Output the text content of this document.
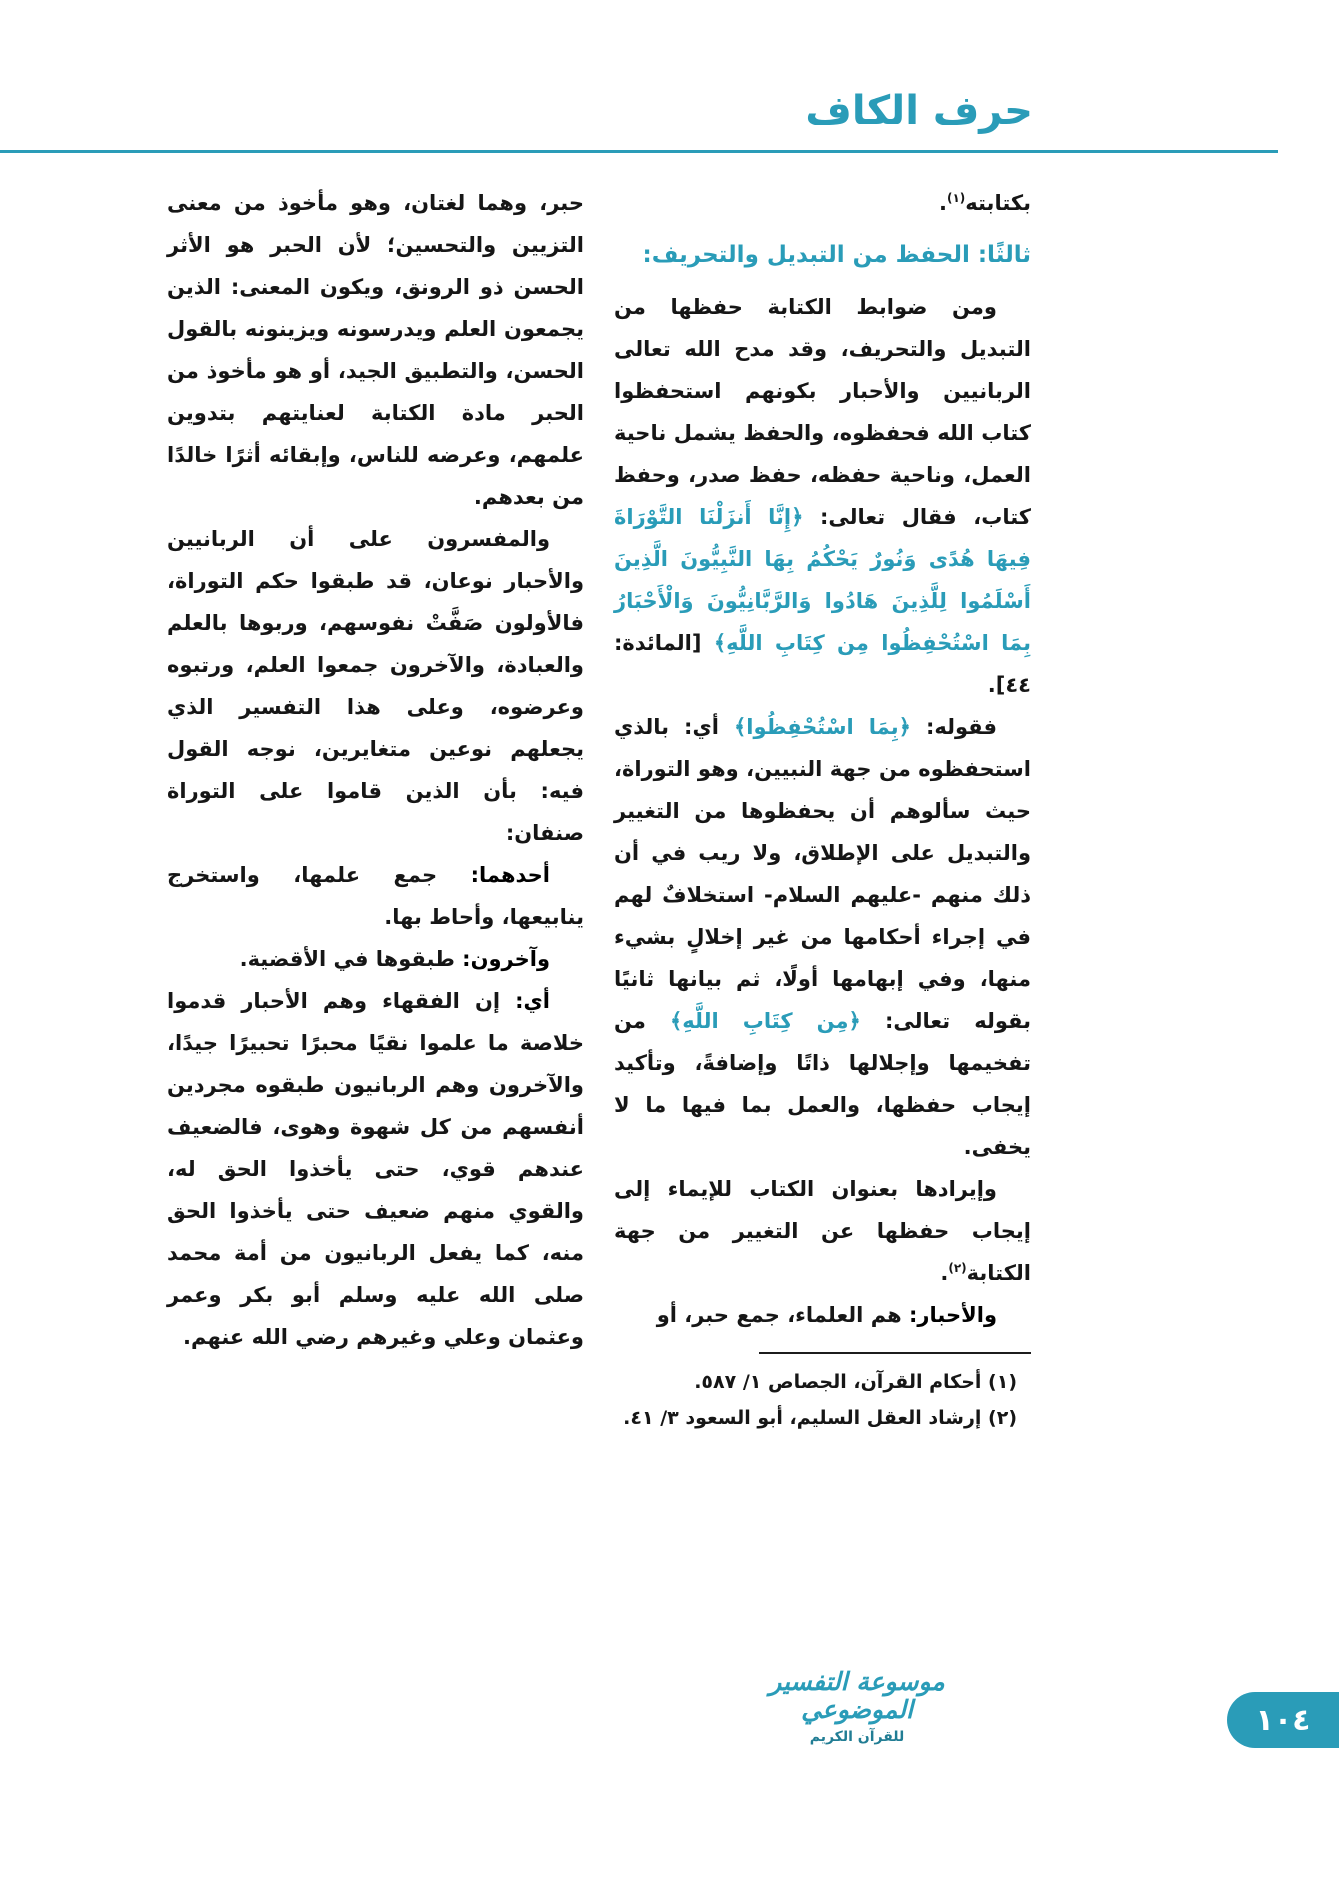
حرف الكاف

بكتابته$^{(١)}$.

ثالثًا: الحفظ من التبديل والتحريف:

ومن ضوابط الكتابة حفظها من التبديل والتحريف، وقد مدح الله تعالى الربانيين والأحبار بكونهم استحفظوا كتاب الله فحفظوه، والحفظ يشمل ناحية العمل، وناحية حفظه، حفظ صدر، وحفظ كتاب، فقال تعالى: ﴿إِنَّا أَنزَلْنَا التَّوْرَاةَ فِيهَا هُدًى وَنُورٌ يَحْكُمُ بِهَا النَّبِيُّونَ الَّذِينَ أَسْلَمُوا لِلَّذِينَ هَادُوا وَالرَّبَّانِيُّونَ وَالْأَحْبَارُ بِمَا اسْتُحْفِظُوا مِن كِتَابِ اللَّهِ﴾ [المائدة: ٤٤].

فقوله: ﴿بِمَا اسْتُحْفِظُوا﴾ أي: بالذي استحفظوه من جهة النبيين، وهو التوراة، حيث سألوهم أن يحفظوها من التغيير والتبديل على الإطلاق، ولا ريب في أن ذلك منهم -عليهم السلام- استخلافٌ لهم في إجراء أحكامها من غير إخلالٍ بشيء منها، وفي إبهامها أولًا، ثم بيانها ثانيًا بقوله تعالى: ﴿مِن كِتَابِ اللَّهِ﴾ من تفخيمها وإجلالها ذاتًا وإضافةً، وتأكيد إيجاب حفظها، والعمل بما فيها ما لا يخفى.

وإيرادها بعنوان الكتاب للإيماء إلى إيجاب حفظها عن التغيير من جهة الكتابة$^{(٢)}$.

والأحبار: هم العلماء، جمع حبر، أو

(١) أحكام القرآن، الجصاص ١/ ٥٨٧.

(٢) إرشاد العقل السليم، أبو السعود ٣/ ٤١.

حبر، وهما لغتان، وهو مأخوذ من معنى التزيين والتحسين؛ لأن الحبر هو الأثر الحسن ذو الرونق، ويكون المعنى: الذين يجمعون العلم ويدرسونه ويزينونه بالقول الحسن، والتطبيق الجيد، أو هو مأخوذ من الحبر مادة الكتابة لعنايتهم بتدوين علمهم، وعرضه للناس، وإبقائه أثرًا خالدًا من بعدهم.

والمفسرون على أن الربانيين والأحبار نوعان، قد طبقوا حكم التوراة، فالأولون صَفَّتْ نفوسهم، وربوها بالعلم والعبادة، والآخرون جمعوا العلم، ورتبوه وعرضوه، وعلى هذا التفسير الذي يجعلهم نوعين متغايرين، نوجه القول فيه: بأن الذين قاموا على التوراة صنفان:

أحدهما: جمع علمها، واستخرج ينابيعها، وأحاط بها.

وآخرون: طبقوها في الأقضية.

أي: إن الفقهاء وهم الأحبار قدموا خلاصة ما علموا نقيًا محبرًا تحبيرًا جيدًا، والآخرون وهم الربانيون طبقوه مجردين أنفسهم من كل شهوة وهوى، فالضعيف عندهم قوي، حتى يأخذوا الحق له، والقوي منهم ضعيف حتى يأخذوا الحق منه، كما يفعل الربانيون من أمة محمد صلى الله عليه وسلم أبو بكر وعمر وعثمان وعلي وغيرهم رضي الله عنهم.

موسوعة التفسير الموضوعي
للقرآن الكريم	١٠٤
